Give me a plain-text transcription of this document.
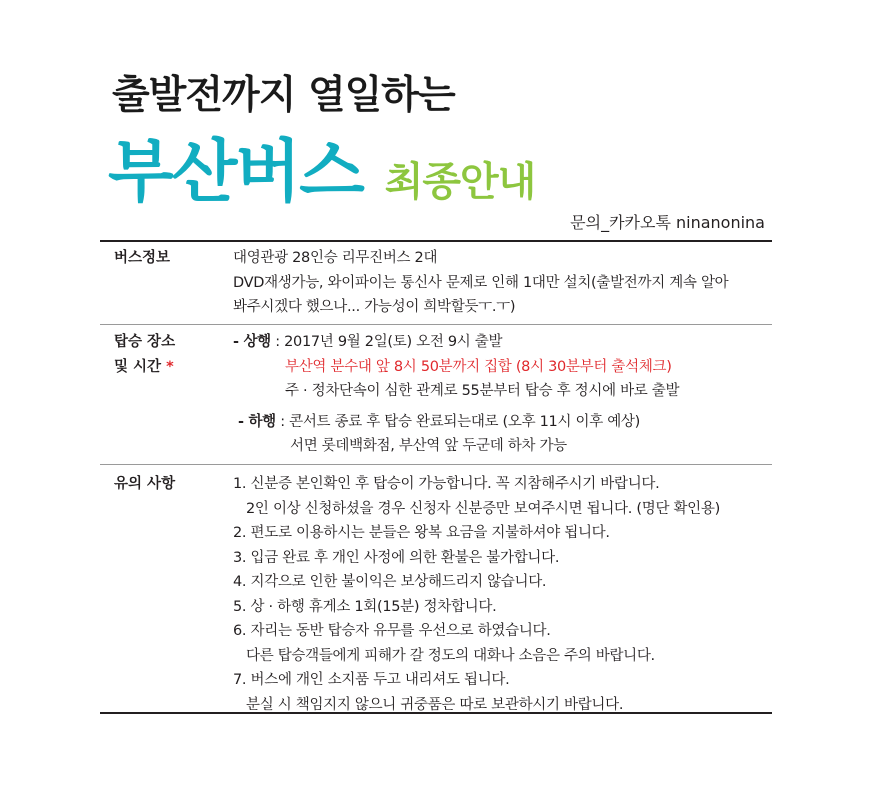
출발전까지 열일하는
부산버스 최종안내
문의_카카오톡 ninanonina
버스정보	대영관광 28인승 리무진버스 2대
DVD재생가능, 와이파이는 통신사 문제로 인해 1대만 설치(출발전까지 계속 알아
봐주시겠다 했으나... 가능성이 희박할듯ㅜ.ㅜ)
탑승 장소
및 시간 *
- 상행 : 2017년 9월 2일(토) 오전 9시 출발
부산역 분수대 앞 8시 50분까지 집합 (8시 30분부터 출석체크)
주 · 정차단속이 심한 관계로 55분부터 탑승 후 정시에 바로 출발
- 하행 : 콘서트 종료 후 탑승 완료되는대로 (오후 11시 이후 예상)
서면 롯데백화점, 부산역 앞 두군데 하차 가능
유의 사항	1. 신분증 본인확인 후 탑승이 가능합니다. 꼭 지참해주시기 바랍니다.
2인 이상 신청하셨을 경우 신청자 신분증만 보여주시면 됩니다. (명단 확인용)
2. 편도로 이용하시는 분들은 왕복 요금을 지불하셔야 됩니다.
3. 입금 완료 후 개인 사정에 의한 환불은 불가합니다.
4. 지각으로 인한 불이익은 보상해드리지 않습니다.
5. 상 · 하행 휴게소 1회(15분) 정차합니다.
6. 자리는 동반 탑승자 유무를 우선으로 하였습니다.
다른 탑승객들에게 피해가 갈 정도의 대화나 소음은 주의 바랍니다.
7. 버스에 개인 소지품 두고 내리셔도 됩니다.
분실 시 책임지지 않으니 귀중품은 따로 보관하시기 바랍니다.
